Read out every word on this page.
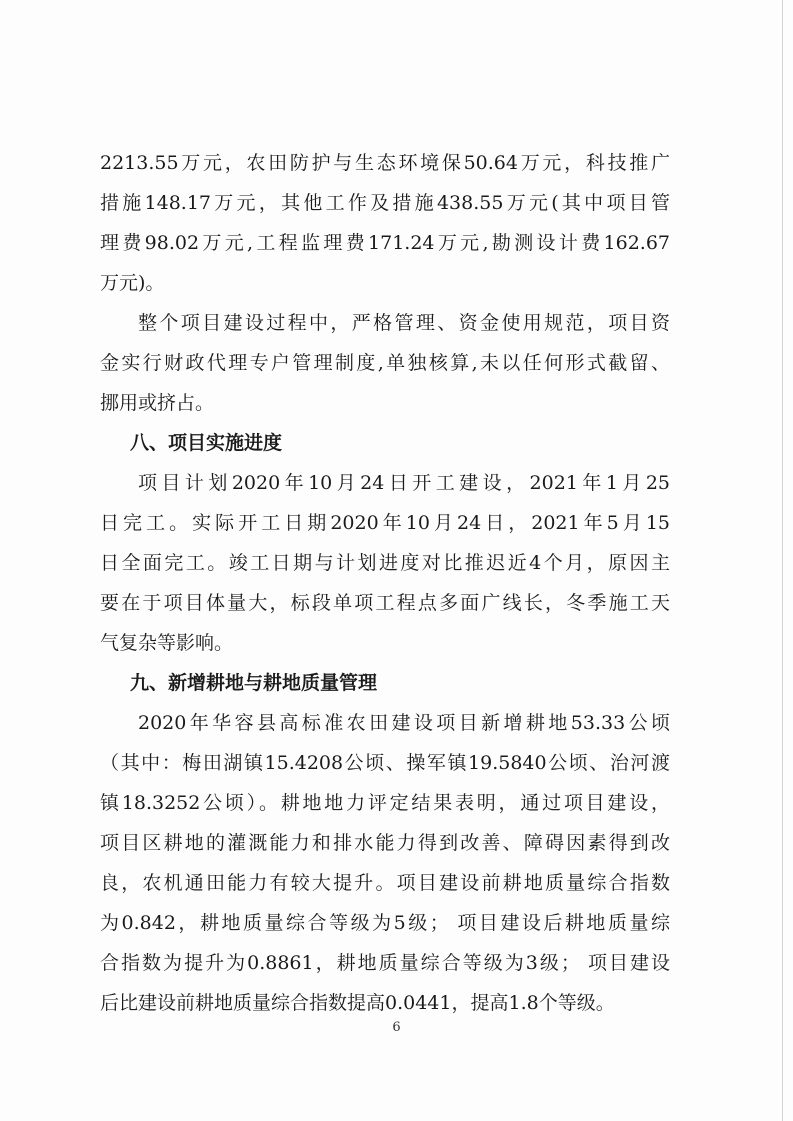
2213.55万元，农田防护与生态环境保50.64万元，科技推广
措施148.17万元，其他工作及措施438.55万元(其中项目管
理费98.02万元,工程监理费171.24万元,勘测设计费162.67
万元)。

整个项目建设过程中，严格管理、资金使用规范，项目资
金实行财政代理专户管理制度,单独核算,未以任何形式截留、
挪用或挤占。

八、项目实施进度

项目计划2020年10月24日开工建设，2021年1月25
日完工。实际开工日期2020年10月24日，2021年5月15
日全面完工。竣工日期与计划进度对比推迟近4个月，原因主
要在于项目体量大，标段单项工程点多面广线长，冬季施工天
气复杂等影响。

九、新增耕地与耕地质量管理

2020年华容县高标准农田建设项目新增耕地53.33公顷
（其中：梅田湖镇15.4208公顷、操军镇19.5840公顷、治河渡
镇18.3252公顷）。耕地地力评定结果表明，通过项目建设，
项目区耕地的灌溉能力和排水能力得到改善、障碍因素得到改
良，农机通田能力有较大提升。项目建设前耕地质量综合指数
为0.842，耕地质量综合等级为5级； 项目建设后耕地质量综
合指数为提升为0.8861，耕地质量综合等级为3级； 项目建设
后比建设前耕地质量综合指数提高0.0441，提高1.8个等级。

6
